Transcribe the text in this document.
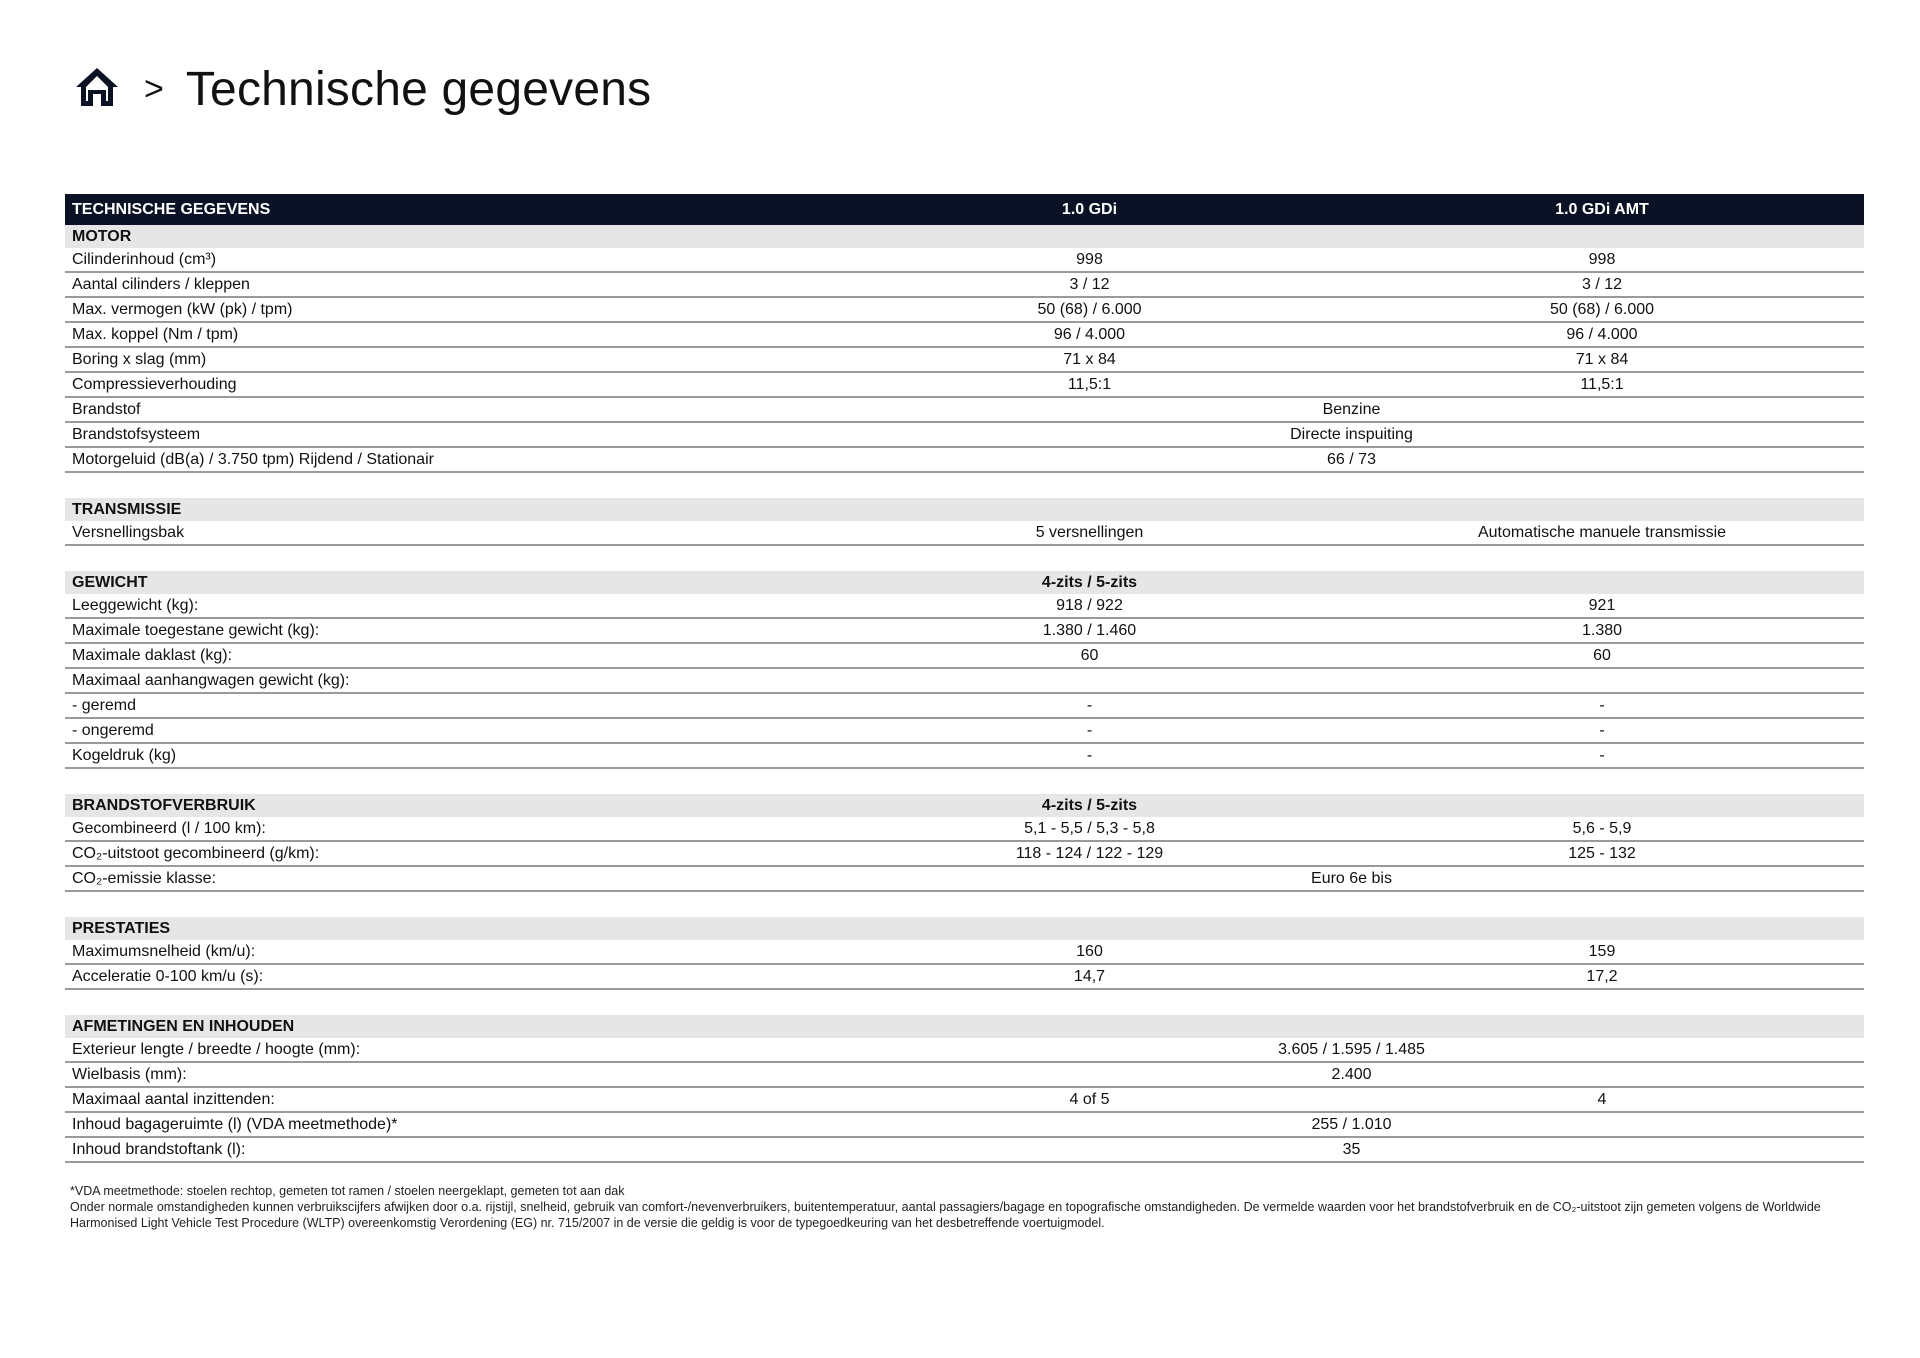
> Technische gegevens
TECHNISCHE GEGEVENS	1.0 GDi	1.0 GDi AMT
MOTOR		
Cilinderinhoud (cm³)	998	998
Aantal cilinders / kleppen	3 / 12	3 / 12
Max. vermogen (kW (pk) / tpm)	50 (68) / 6.000	50 (68) / 6.000
Max. koppel (Nm / tpm)	96 / 4.000	96 / 4.000
Boring x slag (mm)	71 x 84	71 x 84
Compressieverhouding	11,5:1	11,5:1
Brandstof	Benzine	
Brandstofsysteem	Directe inspuiting	
Motorgeluid (dB(a) / 3.750 tpm) Rijdend / Stationair	66 / 73	

TRANSMISSIE		
Versnellingsbak	5 versnellingen	Automatische manuele transmissie

GEWICHT	4-zits / 5-zits	
Leeggewicht (kg):	918 / 922	921
Maximale toegestane gewicht (kg):	1.380 / 1.460	1.380
Maximale daklast (kg):	60	60
Maximaal aanhangwagen gewicht (kg):		
- geremd	-	-
- ongeremd	-	-
Kogeldruk (kg)	-	-

BRANDSTOFVERBRUIK	4-zits / 5-zits	
Gecombineerd (l / 100 km):	5,1 - 5,5 / 5,3 - 5,8	5,6 - 5,9
CO₂-uitstoot gecombineerd (g/km):	118 - 124 / 122 - 129	125 - 132
CO₂-emissie klasse:	Euro 6e bis	

PRESTATIES		
Maximumsnelheid (km/u):	160	159
Acceleratie 0-100 km/u (s):	14,7	17,2

AFMETINGEN EN INHOUDEN		
Exterieur lengte / breedte / hoogte (mm):	3.605 / 1.595 / 1.485	
Wielbasis (mm):	2.400	
Maximaal aantal inzittenden:	4 of 5	4
Inhoud bagageruimte (l) (VDA meetmethode)*	255 / 1.010	
Inhoud brandstoftank (l):	35	
*VDA meetmethode: stoelen rechtop, gemeten tot ramen / stoelen neergeklapt, gemeten tot aan dak
Onder normale omstandigheden kunnen verbruikscijfers afwijken door o.a. rijstijl, snelheid, gebruik van comfort-/nevenverbruikers, buitentemperatuur, aantal passagiers/bagage en topografische omstandigheden. De vermelde waarden voor het brandstofverbruik en de CO₂-uitstoot zijn gemeten volgens de Worldwide Harmonised Light Vehicle Test Procedure (WLTP) overeenkomstig Verordening (EG) nr. 715/2007 in de versie die geldig is voor de typegoedkeuring van het desbetreffende voertuigmodel.
